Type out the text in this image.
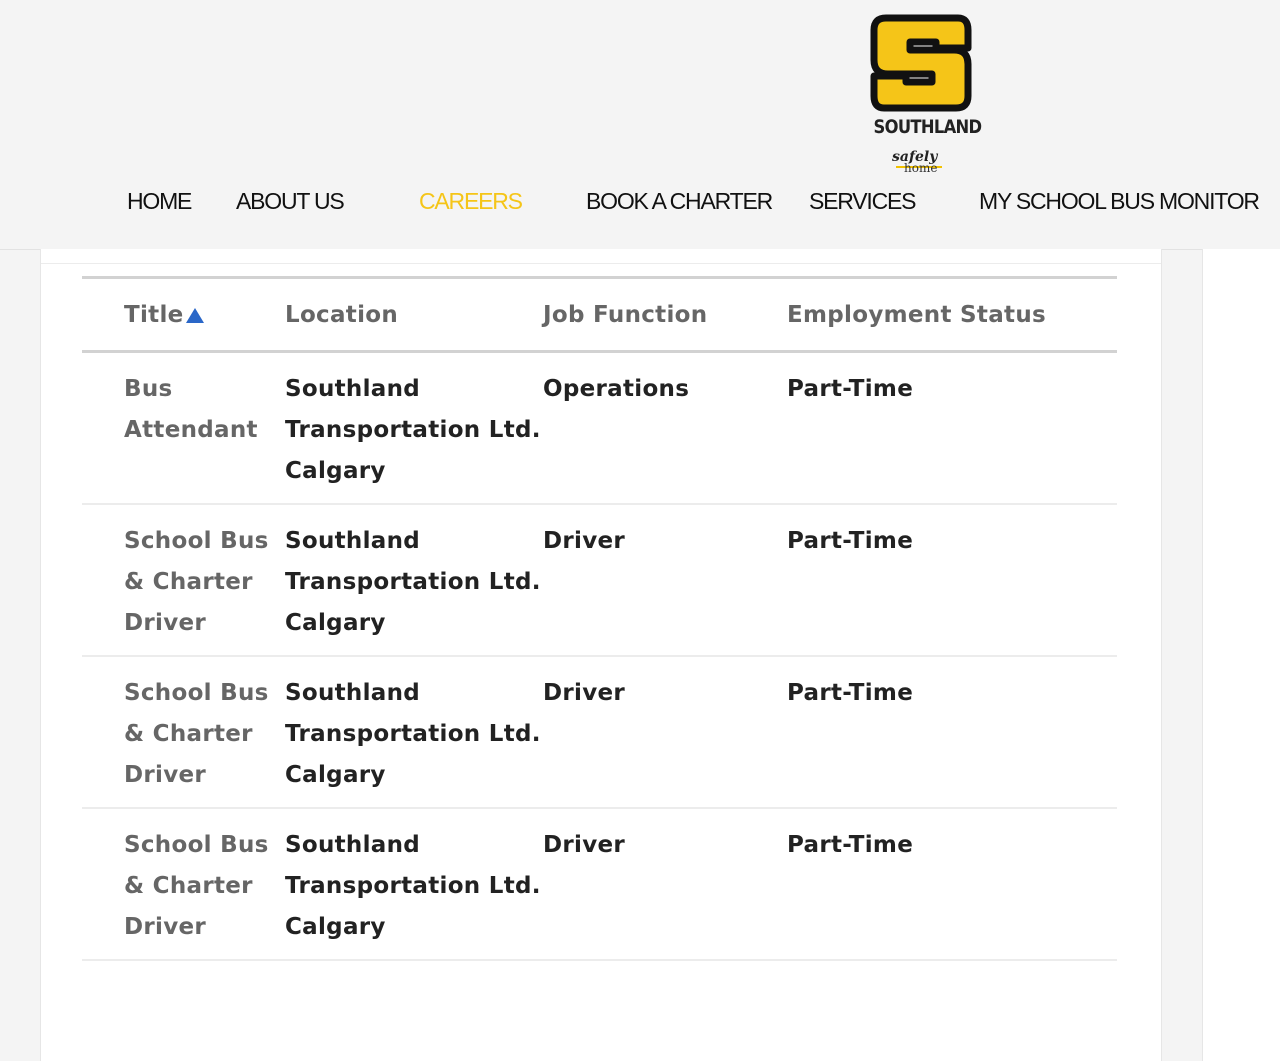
SOUTHLAND
safely
home
HOME ABOUT US	CAREERS	BOOK A CHARTER SERVICES	MY SCHOOL BUS MONITOR
Title	Location	Job Function	Employment Status
Bus Attendant	Southland Transportation Ltd. Calgary	Operations	Part-Time
School Bus & Charter Driver	Southland Transportation Ltd. Calgary	Driver	Part-Time
School Bus & Charter Driver	Southland Transportation Ltd. Calgary	Driver	Part-Time
School Bus & Charter Driver	Southland Transportation Ltd. Calgary	Driver	Part-Time
